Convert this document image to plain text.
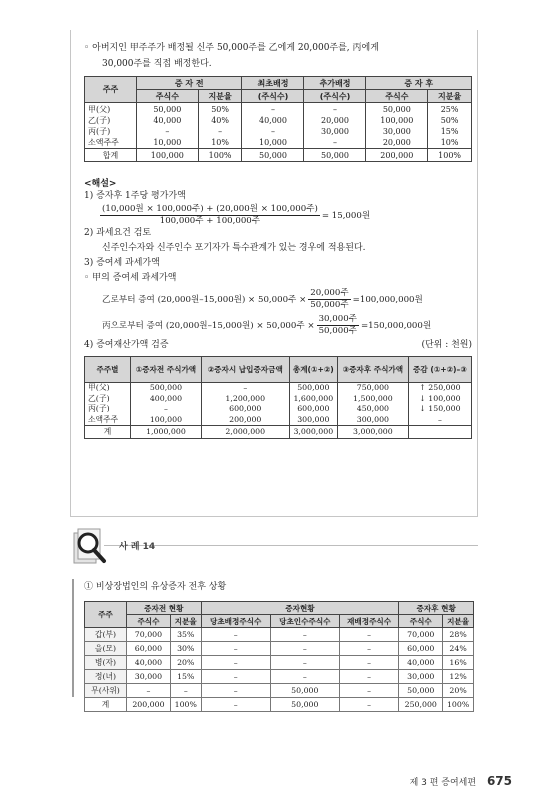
◦ 아버지인 甲주주가 배정될 신주 50,000주를 乙에게 20,000주를, 丙에게
30,000주를 직접 배정한다.
주주	증 자 전		최초배정	추가배정	증 자 후	
	주식수	지분율	(주식수)	(주식수)	주식수	지분율
甲(父)	50,000	50%	–	–	50,000	25%
乙(子)	40,000	40%	40,000	20,000	100,000	50%
丙(子)	–	–	–	30,000	30,000	15%
소액주주	10,000	10%	10,000	–	20,000	10%
합계	100,000	100%	50,000	50,000	200,000	100%
<해설>
1) 증자후 1주당 평가가액
$\frac{\text{(10,000원 × 100,000주) + (20,000원 × 100,000주)}}{\text{100,000주 + 100,000주}} = 15,000$원
2) 과세요건 검토
신주인수자와 신주인수 포기자가 특수관계가 있는 경우에 적용된다.
3) 증여세 과세가액
◦ 甲의 증여세 과세가액
乙로부터 증여 (20,000원–15,000원) × 50,000주 × $\frac{\text{20,000주}}{\text{50,000주}} =100,000,000$원
丙으로부터 증여 (20,000원–15,000원) × 50,000주 × $\frac{\text{30,000주}}{\text{50,000주}} =150,000,000$원
4) 증여재산가액 검증	(단위 : 천원)
주주별	①증자전 주식가액	②증자시 납입증자금액	총계(①+②)	③증자후 주식가액	증감 (①+②)–③
甲(父)	500,000	–	500,000	750,000	↑ 250,000
乙(子)	400,000	1,200,000	1,600,000	1,500,000	↓ 100,000
丙(子)	–	600,000	600,000	450,000	↓ 150,000
소액주주	100,000	200,000	300,000	300,000	–
계	1,000,000	2,000,000	3,000,000	3,000,000	
사 례 14
① 비상장법인의 유상증자 전후 상황
주주	증자전 현황		증자현황			증자후 현황	
	주식수	지분율	당초배정주식수	당초인수주식수	재배정주식수	주식수	지분율
갑(부)	70,000	35%	–	–	–	70,000	28%
을(모)	60,000	30%	–	–	–	60,000	24%
병(자)	40,000	20%	–	–	–	40,000	16%
정(녀)	30,000	15%	–	–	–	30,000	12%
무(사위)	–	–	–	50,000	–	50,000	20%
계	200,000	100%	–	50,000	–	250,000	100%
제 3 편 증여세편 675
